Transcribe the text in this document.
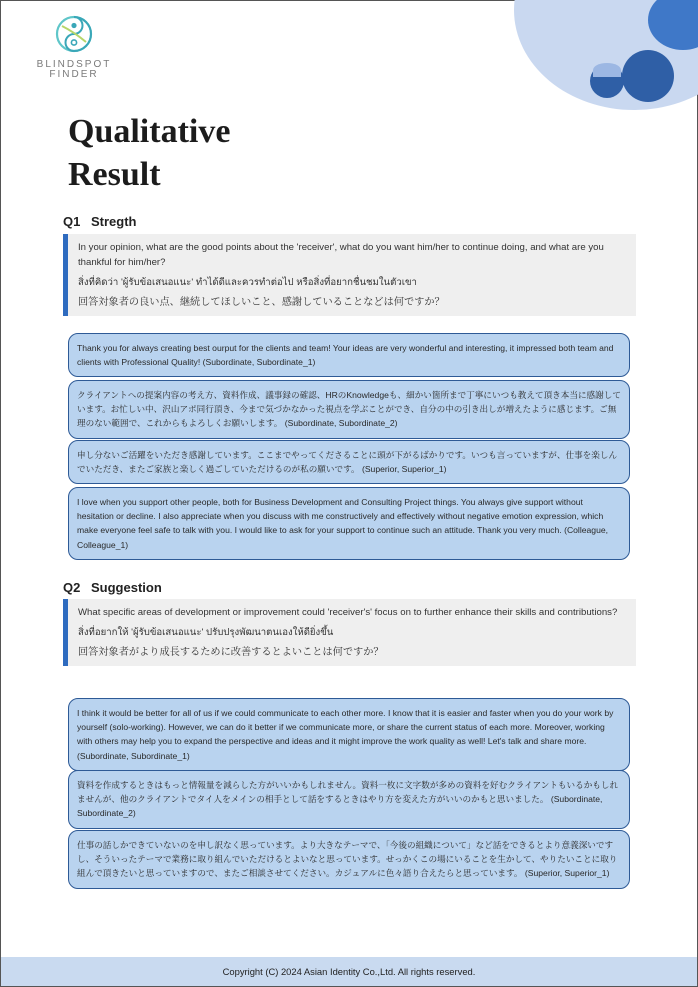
BLINDSPOT
FINDER
Qualitative
Result
Q1 Stregth
In your opinion, what are the good points about the 'receiver', what do you want him/her to continue doing, and what are you thankful for him/her?
สิ่งที่คิดว่า 'ผู้รับข้อเสนอแนะ' ทำได้ดีและควรทำต่อไป หรือสิ่งที่อยากชื่นชมในตัวเขา
回答対象者の良い点、継続してほしいこと、感謝していることなどは何ですか？
Thank you for always creating best ourput for the clients and team! Your ideas are very wonderful and interesting, it impressed both team and clients with Professional Quality! (Subordinate, Subordinate_1)
クライアントへの提案内容の考え方、資料作成、議事録の確認、HRのKnowledgeも、細かい箇所まで丁寧にいつも教えて頂き本当に感謝しています。お忙しい中、沢山アポ同行頂き、今まで気づかなかった視点を学ぶことができ、自分の中の引き出しが増えたように感じます。ご無理のない範囲で、これからもよろしくお願いします。 (Subordinate, Subordinate_2)
申し分ないご活躍をいただき感謝しています。ここまでやってくださることに頭が下がるばかりです。いつも言っていますが、仕事を楽しんでいただき、またご家族と楽しく過ごしていただけるのが私の願いです。 (Superior, Superior_1)
I love when you support other people, both for Business Development and Consulting Project things. You always give support without hesitation or decline. I also appreciate when you discuss with me constructively and effectively without negative emotion expression, which make everyone feel safe to talk with you. I would like to ask for your support to continue such an attitude. Thank you very much. (Colleague, Colleague_1)
Q2 Suggestion
What specific areas of development or improvement could 'receiver's' focus on to further enhance their skills and contributions?
สิ่งที่อยากให้ 'ผู้รับข้อเสนอแนะ' ปรับปรุงพัฒนาตนเองให้ดียิ่งขึ้น
回答対象者がより成長するために改善するとよいことは何ですか？
I think it would be better for all of us if we could communicate to each other more. I know that it is easier and faster when you do your work by yourself (solo-working). However, we can do it better if we communicate more, or share the current status of each more. Moreover, working with others may help you to expand the perspective and ideas and it might improve the work quality as well! Let's talk and share more. (Subordinate, Subordinate_1)
資料を作成するときはもっと情報量を減らした方がいいかもしれません。資料一枚に文字数が多めの資料を好むクライアントもいるかもしれませんが、他のクライアントでタイ人をメインの相手として話をするときはやり方を変えた方がいいのかもと思いました。 (Subordinate, Subordinate_2)
仕事の話しかできていないのを申し訳なく思っています。より大きなテーマで、「今後の組織について」など話をできるとより意義深いですし、そういったテーマで業務に取り組んでいただけるとよいなと思っています。せっかくこの場にいることを生かして、やりたいことに取り組んで頂きたいと思っていますので、またご相談させてください。カジュアルに色々語り合えたらと思っています。 (Superior, Superior_1)
Copyright (C) 2024 Asian Identity Co.,Ltd. All rights reserved.
